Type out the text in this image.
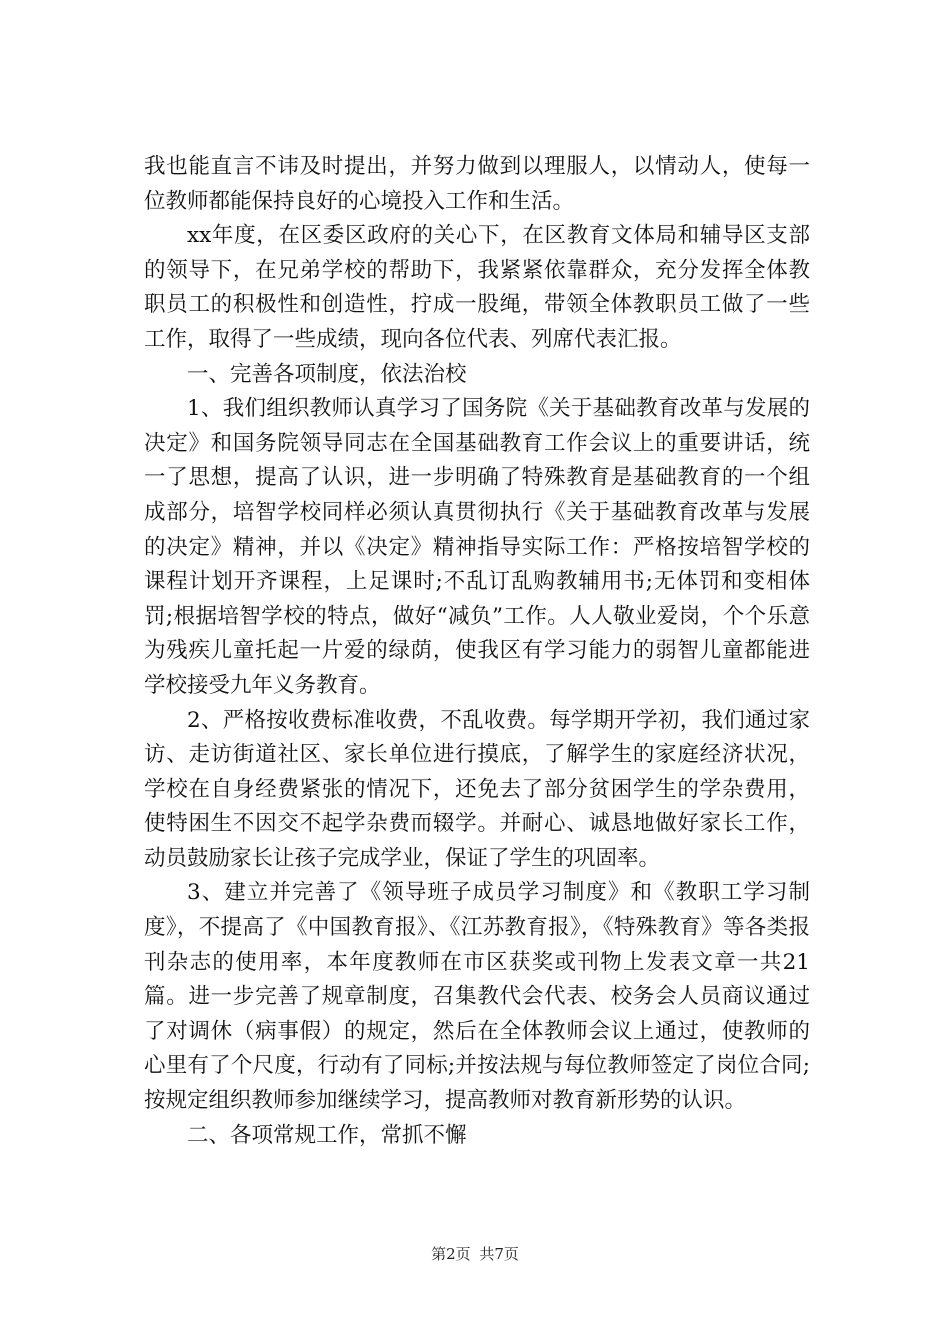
我也能直言不讳及时提出，并努力做到以理服人，以情动人，使每一位教师都能保持良好的心境投入工作和生活。

xx年度，在区委区政府的关心下，在区教育文体局和辅导区支部的领导下，在兄弟学校的帮助下，我紧紧依靠群众，充分发挥全体教职员工的积极性和创造性，拧成一股绳，带领全体教职员工做了一些工作，取得了一些成绩，现向各位代表、列席代表汇报。

一、完善各项制度，依法治校

1、我们组织教师认真学习了国务院《关于基础教育改革与发展的决定》和国务院领导同志在全国基础教育工作会议上的重要讲话，统一了思想，提高了认识，进一步明确了特殊教育是基础教育的一个组成部分，培智学校同样必须认真贯彻执行《关于基础教育改革与发展的决定》精神，并以《决定》精神指导实际工作：严格按培智学校的课程计划开齐课程，上足课时;不乱订乱购教辅用书;无体罚和变相体罚;根据培智学校的特点，做好“减负”工作。人人敬业爱岗，个个乐意为残疾儿童托起一片爱的绿荫，使我区有学习能力的弱智儿童都能进学校接受九年义务教育。

2、严格按收费标准收费，不乱收费。每学期开学初，我们通过家访、走访街道社区、家长单位进行摸底，了解学生的家庭经济状况，学校在自身经费紧张的情况下，还免去了部分贫困学生的学杂费用，使特困生不因交不起学杂费而辍学。并耐心、诚恳地做好家长工作，动员鼓励家长让孩子完成学业，保证了学生的巩固率。

3、建立并完善了《领导班子成员学习制度》和《教职工学习制度》，不提高了《中国教育报》、《江苏教育报》，《特殊教育》等各类报刊杂志的使用率，本年度教师在市区获奖或刊物上发表文章一共21篇。进一步完善了规章制度，召集教代会代表、校务会人员商议通过了对调休（病事假）的规定，然后在全体教师会议上通过，使教师的心里有了个尺度，行动有了同标;并按法规与每位教师签定了岗位合同;按规定组织教师参加继续学习，提高教师对教育新形势的认识。

二、各项常规工作，常抓不懈

第2页 共7页
